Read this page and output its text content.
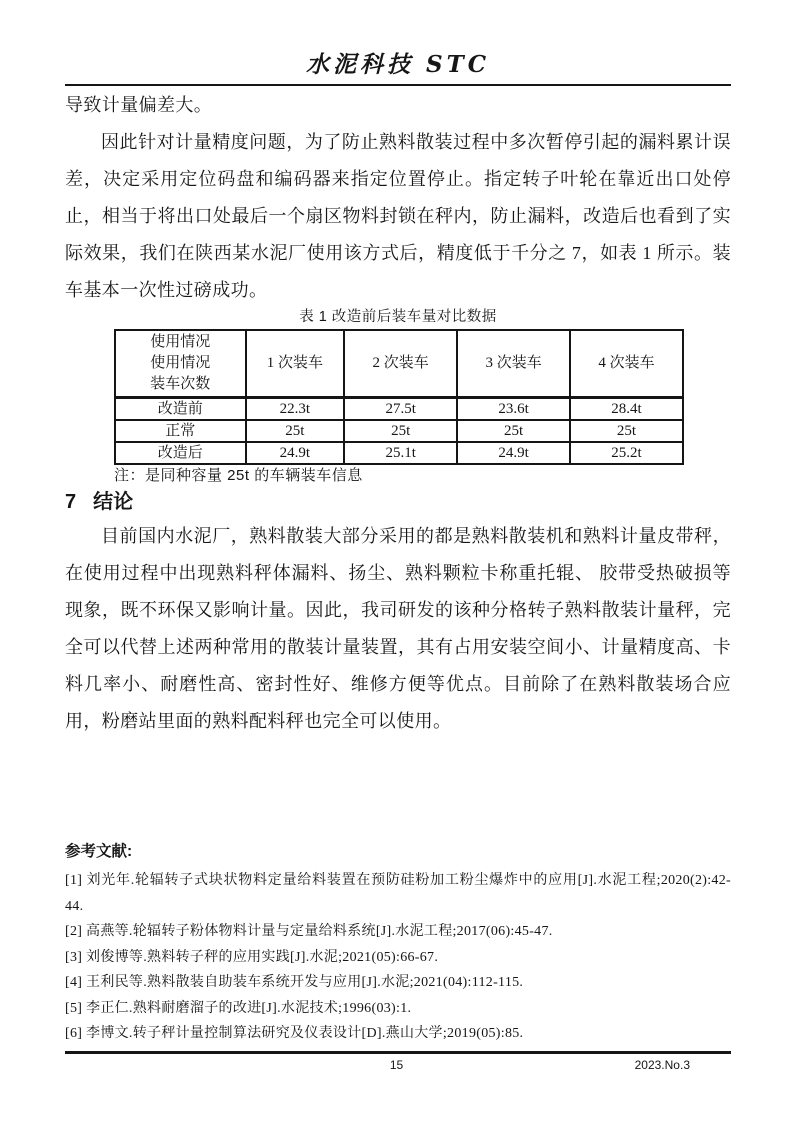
水泥科技 STC

导致计量偏差大。

因此针对计量精度问题，为了防止熟料散装过程中多次暂停引起的漏料累计误差，决定采用定位码盘和编码器来指定位置停止。指定转子叶轮在靠近出口处停止，相当于将出口处最后一个扇区物料封锁在秤内，防止漏料，改造后也看到了实际效果，我们在陕西某水泥厂使用该方式后，精度低于千分之 7，如表 1 所示。装车基本一次性过磅成功。

表 1 改造前后装车量对比数据
使用情况
使用情况
装车次数	1 次装车	2 次装车	3 次装车	4 次装车
改造前	22.3t	27.5t	23.6t	28.4t
正常	25t	25t	25t	25t
改造后	24.9t	25.1t	24.9t	25.2t
注：是同种容量 25t 的车辆装车信息
7 结论

目前国内水泥厂，熟料散装大部分采用的都是熟料散装机和熟料计量皮带秤，在使用过程中出现熟料秤体漏料、扬尘、熟料颗粒卡称重托辊、 胶带受热破损等现象，既不环保又影响计量。因此，我司研发的该种分格转子熟料散装计量秤，完全可以代替上述两种常用的散装计量装置，其有占用安装空间小、计量精度高、卡料几率小、耐磨性高、密封性好、维修方便等优点。目前除了在熟料散装场合应用，粉磨站里面的熟料配料秤也完全可以使用。

参考文献:

[1] 刘光年.轮辐转子式块状物料定量给料装置在预防硅粉加工粉尘爆炸中的应用[J].水泥工程;2020(2):42-44.

[2] 高燕等.轮辐转子粉体物料计量与定量给料系统[J].水泥工程;2017(06):45-47.

[3] 刘俊博等.熟料转子秤的应用实践[J].水泥;2021(05):66-67.

[4] 王利民等.熟料散装自助装车系统开发与应用[J].水泥;2021(04):112-115.

[5] 李正仁.熟料耐磨溜子的改进[J].水泥技术;1996(03):1.

[6] 李博文.转子秤计量控制算法研究及仪表设计[D].燕山大学;2019(05):85.

15	2023.No.3
